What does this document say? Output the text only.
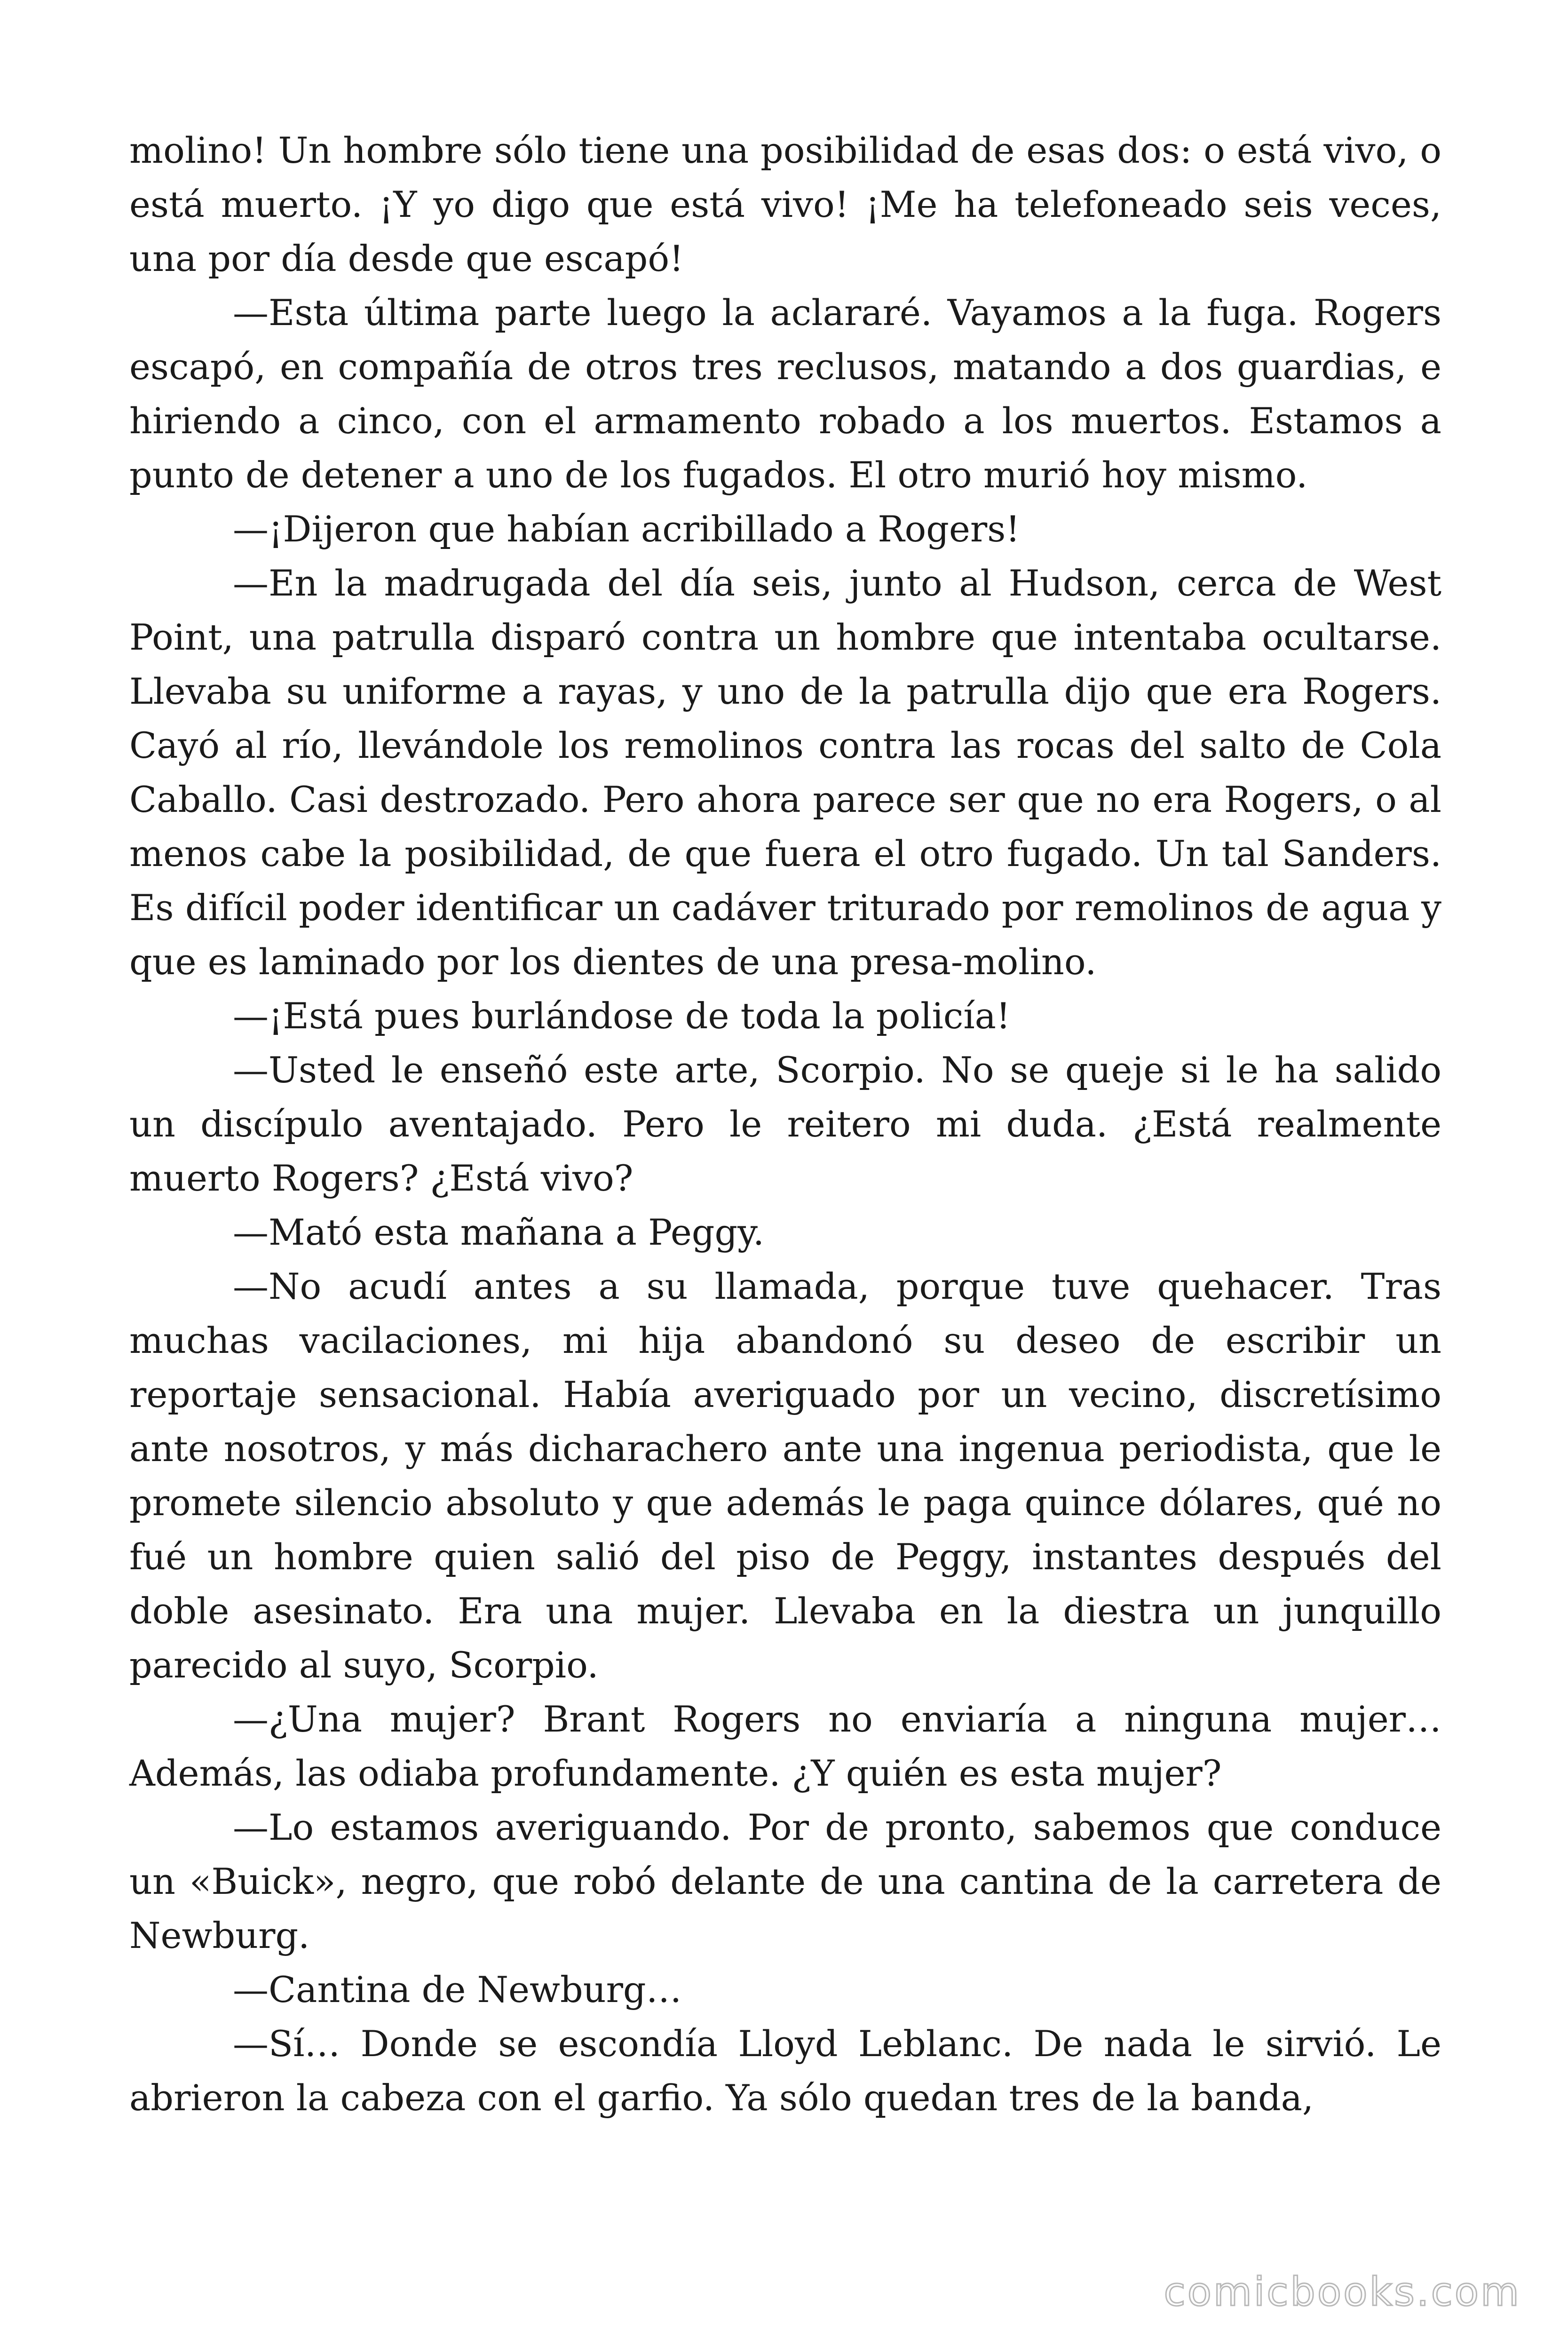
molino! Un hombre sólo tiene una posibilidad de esas dos: o está vivo, o está muerto. ¡Y yo digo que está vivo! ¡Me ha telefoneado seis veces, una por día desde que escapó!

—Esta última parte luego la aclararé. Vayamos a la fuga. Rogers escapó, en compañía de otros tres reclusos, matando a dos guardias, e hiriendo a cinco, con el armamento robado a los muertos. Estamos a punto de detener a uno de los fugados. El otro murió hoy mismo.

—¡Dijeron que habían acribillado a Rogers!

—En la madrugada del día seis, junto al Hudson, cerca de West Point, una patrulla disparó contra un hombre que intentaba ocultarse. Llevaba su uniforme a rayas, y uno de la patrulla dijo que era Rogers. Cayó al río, llevándole los remolinos contra las rocas del salto de Cola Caballo. Casi destrozado. Pero ahora parece ser que no era Rogers, o al menos cabe la posibilidad, de que fuera el otro fugado. Un tal Sanders. Es difícil poder identificar un cadáver triturado por remolinos de agua y que es laminado por los dientes de una presa-molino.

—¡Está pues burlándose de toda la policía!

—Usted le enseñó este arte, Scorpio. No se queje si le ha salido un discípulo aventajado. Pero le reitero mi duda. ¿Está realmente muerto Rogers? ¿Está vivo?

—Mató esta mañana a Peggy.

—No acudí antes a su llamada, porque tuve quehacer. Tras muchas vacilaciones, mi hija abandonó su deseo de escribir un reportaje sensacional. Había averiguado por un vecino, discretísimo ante nosotros, y más dicharachero ante una ingenua periodista, que le promete silencio absoluto y que además le paga quince dólares, qué no fué un hombre quien salió del piso de Peggy, instantes después del doble asesinato. Era una mujer. Llevaba en la diestra un junquillo parecido al suyo, Scorpio.

—¿Una mujer? Brant Rogers no enviaría a ninguna mujer… Además, las odiaba profundamente. ¿Y quién es esta mujer?

—Lo estamos averiguando. Por de pronto, sabemos que conduce un «Buick», negro, que robó delante de una cantina de la carretera de Newburg.

—Cantina de Newburg…

—Sí… Donde se escondía Lloyd Leblanc. De nada le sirvió. Le abrieron la cabeza con el garfio. Ya sólo quedan tres de la banda,

comicbooks.com
